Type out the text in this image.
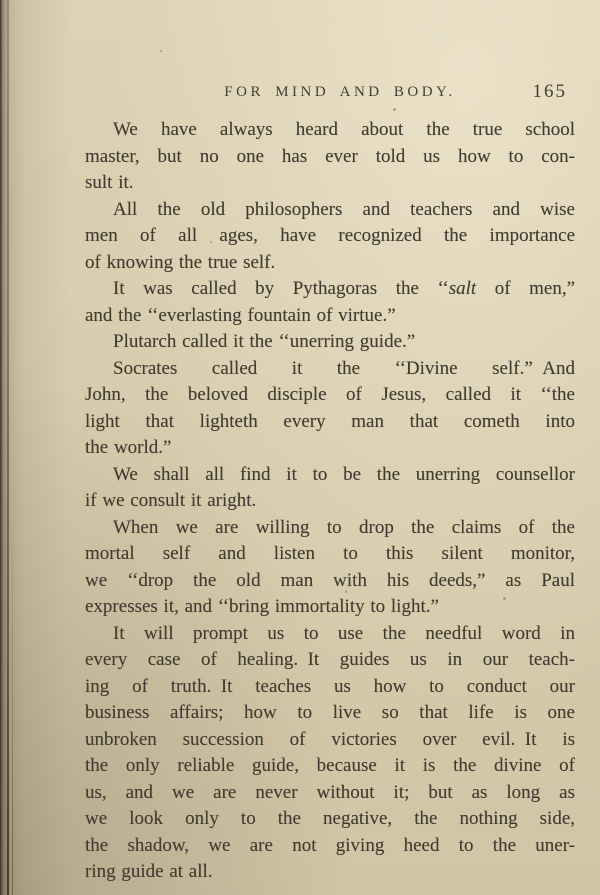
FOR MIND AND BODY.	165

We have always heard about the true school
master, but no one has ever told us how to con-
sult it.

All the old philosophers and teachers and wise
men of all ages, have recognized the importance
of knowing the true self.

It was called by Pythagoras the ‘‘salt of men,”
and the ‘‘everlasting fountain of virtue.”

Plutarch called it the ‘‘unerring guide.”

Socrates called it the ‘‘Divine self.” And
John, the beloved disciple of Jesus, called it ‘‘the
light that lighteth every man that cometh into
the world.”

We shall all find it to be the unerring counsellor
if we consult it aright.

When we are willing to drop the claims of the
mortal self and listen to this silent monitor,
we ‘‘drop the old man with his deeds,” as Paul
expresses it, and ‘‘bring immortality to light.”

It will prompt us to use the needful word in
every case of healing. It guides us in our teach-
ing of truth. It teaches us how to conduct our
business affairs; how to live so that life is one
unbroken succession of victories over evil. It is
the only reliable guide, because it is the divine of
us, and we are never without it; but as long as
we look only to the negative, the nothing side,
the shadow, we are not giving heed to the uner-
ring guide at all.
